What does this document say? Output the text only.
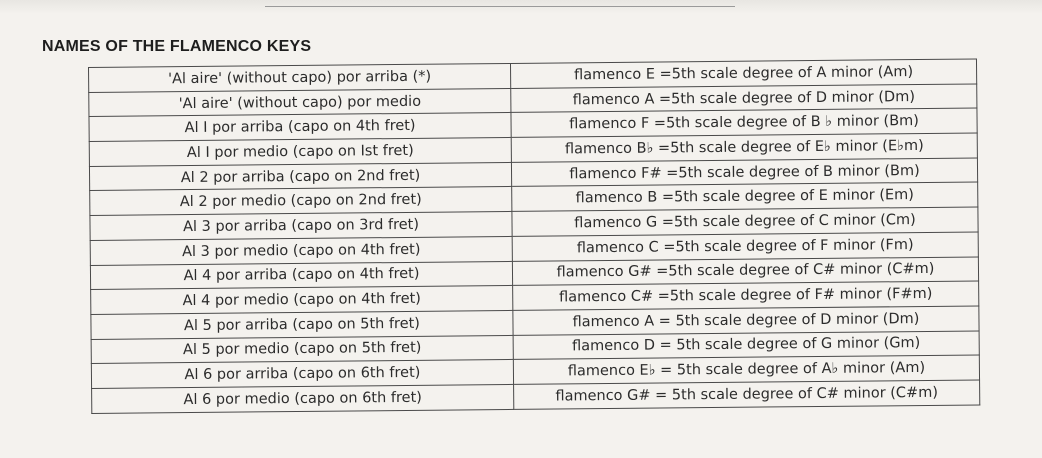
NAMES OF THE FLAMENCO KEYS
'Al aire' (without capo) por arriba (*)	flamenco E =5th scale degree of A minor (Am)
'Al aire' (without capo) por medio	flamenco A =5th scale degree of D minor (Dm)
Al I por arriba (capo on 4th fret)	flamenco F =5th scale degree of B ♭ minor (Bm)
Al I por medio (capo on Ist fret)	flamenco B♭ =5th scale degree of E♭ minor (E♭m)
Al 2 por arriba (capo on 2nd fret)	flamenco F# =5th scale degree of B minor (Bm)
Al 2 por medio (capo on 2nd fret)	flamenco B =5th scale degree of E minor (Em)
Al 3 por arriba (capo on 3rd fret)	flamenco G =5th scale degree of C minor (Cm)
Al 3 por medio (capo on 4th fret)	flamenco C =5th scale degree of F minor (Fm)
Al 4 por arriba (capo on 4th fret)	flamenco G# =5th scale degree of C# minor (C#m)
Al 4 por medio (capo on 4th fret)	flamenco C# =5th scale degree of F# minor (F#m)
Al 5 por arriba (capo on 5th fret)	flamenco A = 5th scale degree of D minor (Dm)
Al 5 por medio (capo on 5th fret)	flamenco D = 5th scale degree of G minor (Gm)
Al 6 por arriba (capo on 6th fret)	flamenco E♭ = 5th scale degree of A♭ minor (Am)
Al 6 por medio (capo on 6th fret)	flamenco G# = 5th scale degree of C# minor (C#m)
